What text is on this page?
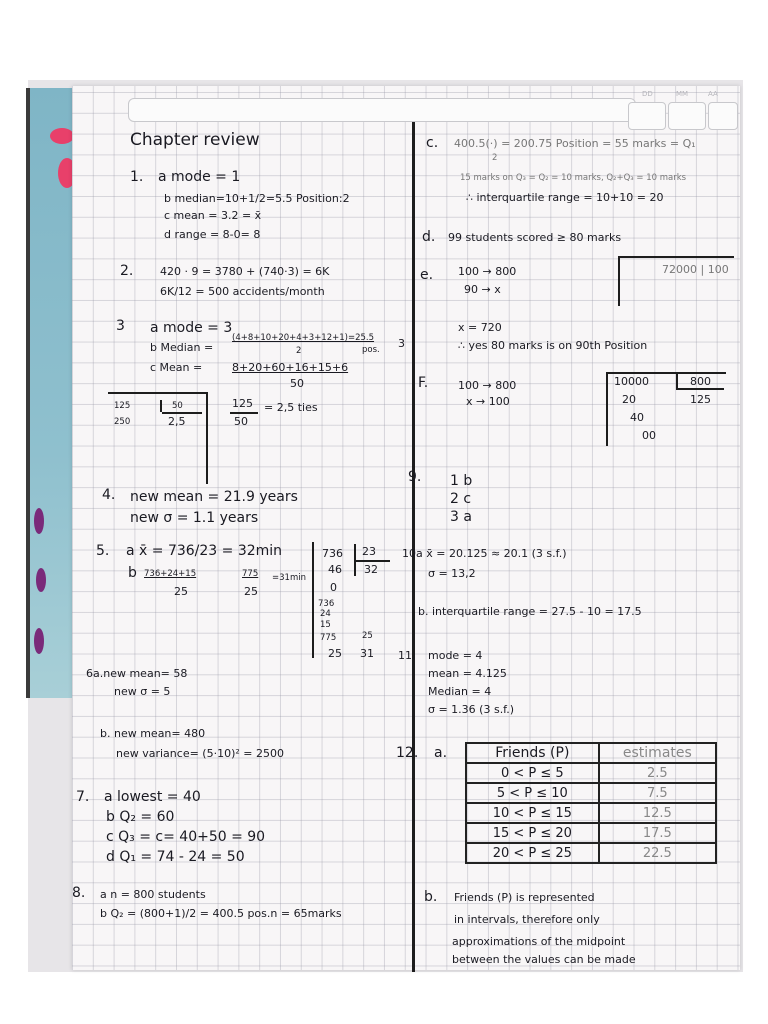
DD	MM	AA
Chapter review
1. a mode = 1
b median=10+1/2=5.5 Position:2
c mean = 3.2 = x̄
d range = 8-0= 8
2. 420 · 9 = 3780 + (740·3) = 6K
6K/12 = 500 accidents/month
3 a mode = 3
b Median =
(4+8+10+20+4+3+12+1)=25.5
2	pos. 3
c Mean =	8+20+60+16+15+6
50
125	50
250	2,5
125
50
= 2,5 ties
4. new mean = 21.9 years
new σ = 1.1 years
5. a x̄ = 736/23 = 32min
b 736+24+15
25
775
25
=31min
736 23
46 32
0
736
24
15
775	25
25 31
6a.new mean= 58
new σ = 5
b. new mean= 480
new variance= (5·10)² = 2500
7. a lowest = 40
b Q₂ = 60
c Q₃ = c= 40+50 = 90
d Q₁ = 74 - 24 = 50
8. a n = 800 students
b Q₂ = (800+1)/2 = 400.5 pos.n = 65marks
c. 400.5(·) = 200.75 Position = 55 marks = Q₁
2
15 marks on Q₃ = Q₂ = 10 marks, Q₂+Q₃ = 10 marks
∴ interquartile range = 10+10 = 20
d. 99 students scored ≥ 80 marks
e. 100 → 800
90 → x
72000 | 100
x = 720
∴ yes 80 marks is on 90th Position
F.	100 → 800
x → 100
10000	800
20	125
40
00
9. 1 b
2 c
3 a
10a x̄ = 20.125 ≈ 20.1 (3 s.f.)
σ = 13,2
b. interquartile range = 27.5 - 10 = 17.5
11. mode = 4
mean = 4.125
Median = 4
σ = 1.36 (3 s.f.)
12. a.	Friends (P)	estimates
0 < P ≤ 5	2.5
5 < P ≤ 10	7.5
10 < P ≤ 15	12.5
15 < P ≤ 20	17.5
20 < P ≤ 25	22.5
b. Friends (P) is represented
in intervals, therefore only
approximations of the midpoint
between the values can be made
